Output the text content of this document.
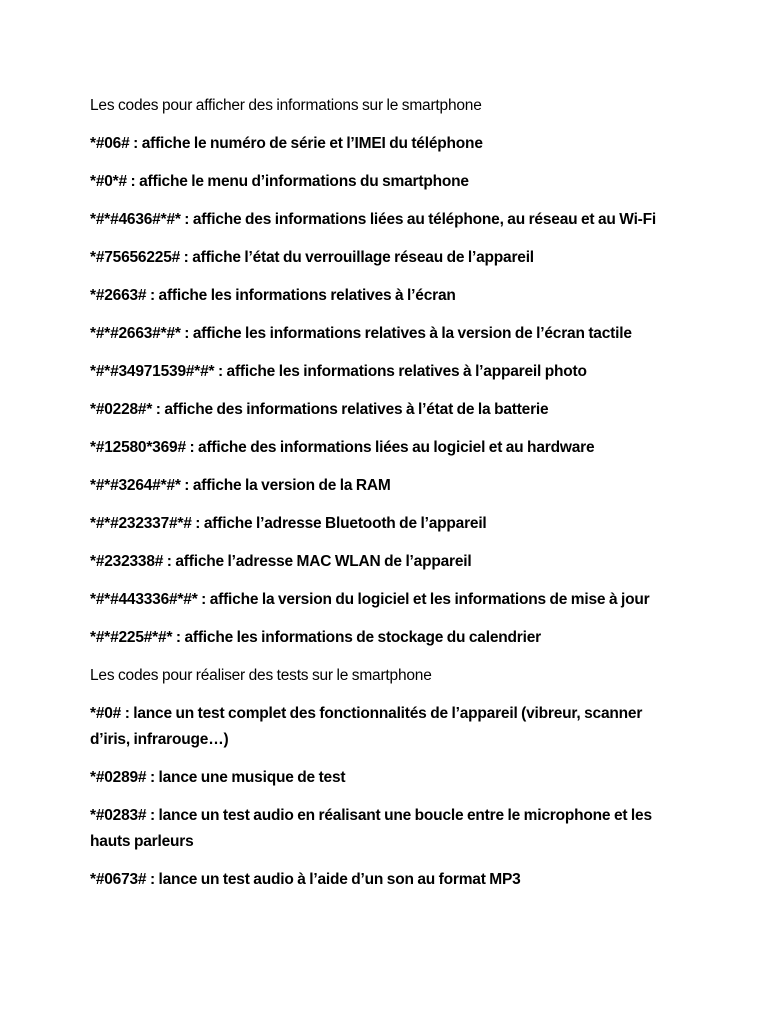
Les codes pour afficher des informations sur le smartphone

*#06# : affiche le numéro de série et l’IMEI du téléphone

*#0*# : affiche le menu d’informations du smartphone

*#*#4636#*#* : affiche des informations liées au téléphone, au réseau et au Wi-Fi

*#75656225# : affiche l’état du verrouillage réseau de l’appareil

*#2663# : affiche les informations relatives à l’écran

*#*#2663#*#* : affiche les informations relatives à la version de l’écran tactile

*#*#34971539#*#* : affiche les informations relatives à l’appareil photo

*#0228#* : affiche des informations relatives à l’état de la batterie

*#12580*369# : affiche des informations liées au logiciel et au hardware

*#*#3264#*#* : affiche la version de la RAM

*#*#232337#*# : affiche l’adresse Bluetooth de l’appareil

*#232338# : affiche l’adresse MAC WLAN de l’appareil

*#*#443336#*#* : affiche la version du logiciel et les informations de mise à jour

*#*#225#*#* : affiche les informations de stockage du calendrier

Les codes pour réaliser des tests sur le smartphone

*#0# : lance un test complet des fonctionnalités de l’appareil (vibreur, scanner d’iris, infrarouge…)

*#0289# : lance une musique de test

*#0283# : lance un test audio en réalisant une boucle entre le microphone et les hauts parleurs

*#0673# : lance un test audio à l’aide d’un son au format MP3
